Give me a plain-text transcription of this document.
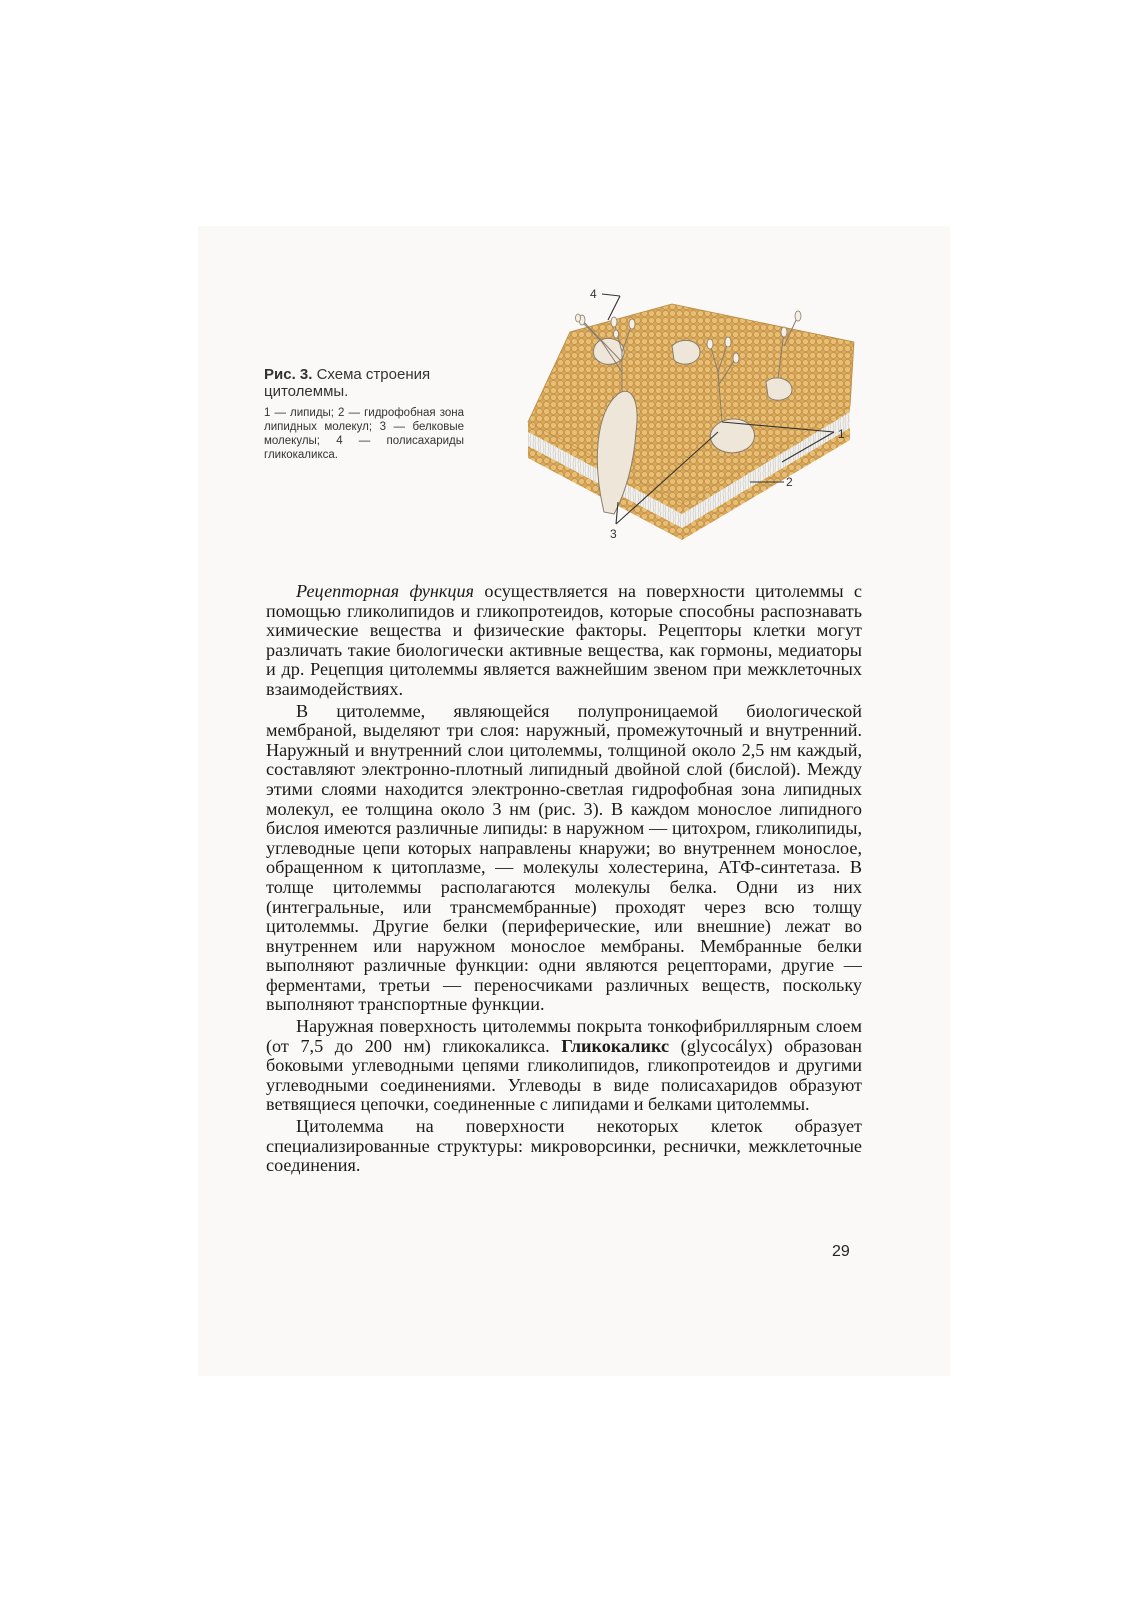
Рис. 3. Схема строения цитолеммы.

1 — липиды; 2 — гидрофобная зона липидных молекул; 3 — белковые молекулы; 4 — полисахариды гликокаликса.

4
1
2
3

Рецепторная функция осуществляется на поверхности цитолеммы с помощью гликолипидов и гликопротеидов, которые способны распознавать химические вещества и физические факторы. Рецепторы клетки могут различать такие биологически активные вещества, как гормоны, медиаторы и др. Рецепция цитолеммы является важнейшим звеном при межклеточных взаимодействиях.

В цитолемме, являющейся полупроницаемой биологической мембраной, выделяют три слоя: наружный, промежуточный и внутренний. Наружный и внутренний слои цитолеммы, толщиной около 2,5 нм каждый, составляют электронно-плотный липидный двойной слой (бислой). Между этими слоями находится электронно-светлая гидрофобная зона липидных молекул, ее толщина около 3 нм (рис. 3). В каждом монослое липидного бислоя имеются различные липиды: в наружном — цитохром, гликолипиды, углеводные цепи которых направлены кнаружи; во внутреннем монослое, обращенном к цитоплазме, — молекулы холестерина, АТФ-синтетаза. В толще цитолеммы располагаются молекулы белка. Одни из них (интегральные, или трансмембранные) проходят через всю толщу цитолеммы. Другие белки (периферические, или внешние) лежат во внутреннем или наружном монослое мембраны. Мембранные белки выполняют различные функции: одни являются рецепторами, другие — ферментами, третьи — переносчиками различных веществ, поскольку выполняют транспортные функции.

Наружная поверхность цитолеммы покрыта тонкофибриллярным слоем (от 7,5 до 200 нм) гликокаликса. Гликокаликс (glycocálух) образован боковыми углеводными цепями гликолипидов, гликопротеидов и другими углеводными соединениями. Углеводы в виде полисахаридов образуют ветвящиеся цепочки, соединенные с липидами и белками цитолеммы.

Цитолемма на поверхности некоторых клеток образует специализированные структуры: микроворсинки, реснички, межклеточные соединения.

29
